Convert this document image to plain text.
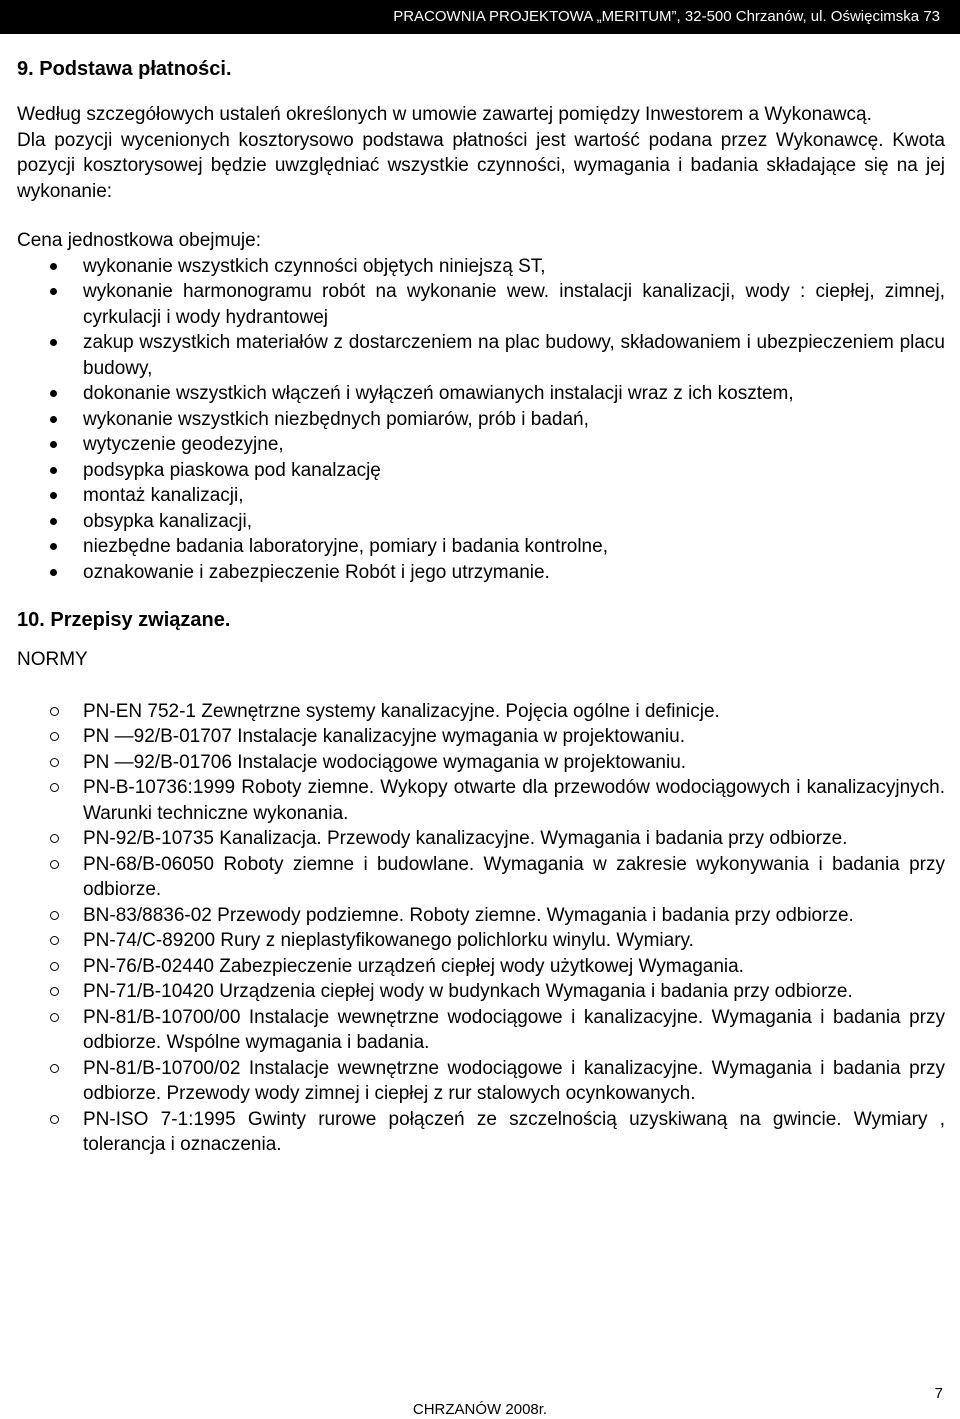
PRACOWNIA PROJEKTOWA „MERITUM”, 32-500 Chrzanów, ul. Oświęcimska 73
9. Podstawa płatności.

Według szczegółowych ustaleń określonych w umowie zawartej pomiędzy Inwestorem a Wykonawcą.

Dla pozycji wycenionych kosztorysowo podstawa płatności jest wartość podana przez Wykonawcę. Kwota pozycji kosztorysowej będzie uwzględniać wszystkie czynności, wymagania i badania składające się na jej wykonanie:

Cena jednostkowa obejmuje:

wykonanie wszystkich czynności objętych niniejszą ST,
wykonanie harmonogramu robót na wykonanie wew. instalacji kanalizacji, wody : ciepłej, zimnej, cyrkulacji i wody hydrantowej
zakup wszystkich materiałów z dostarczeniem na plac budowy, składowaniem i ubezpieczeniem placu budowy,
dokonanie wszystkich włączeń i wyłączeń omawianych instalacji wraz z ich kosztem,
wykonanie wszystkich niezbędnych pomiarów, prób i badań,
wytyczenie geodezyjne,
podsypka piaskowa pod kanalzację
montaż kanalizacji,
obsypka kanalizacji,
niezbędne badania laboratoryjne, pomiary i badania kontrolne,
oznakowanie i zabezpieczenie Robót i jego utrzymanie.
10. Przepisy związane.
NORMY
PN-EN 752-1 Zewnętrzne systemy kanalizacyjne. Pojęcia ogólne i definicje.
PN —92/B-01707 Instalacje kanalizacyjne wymagania w projektowaniu.
PN —92/B-01706 Instalacje wodociągowe wymagania w projektowaniu.
PN-B-10736:1999 Roboty ziemne. Wykopy otwarte dla przewodów wodociągowych i kanalizacyjnych. Warunki techniczne wykonania.
PN-92/B-10735 Kanalizacja. Przewody kanalizacyjne. Wymagania i badania przy odbiorze.
PN-68/B-06050 Roboty ziemne i budowlane. Wymagania w zakresie wykonywania i badania przy odbiorze.
BN-83/8836-02 Przewody podziemne. Roboty ziemne. Wymagania i badania przy odbiorze.
PN-74/C-89200 Rury z nieplastyfikowanego polichlorku winylu. Wymiary.
PN-76/B-02440 Zabezpieczenie urządzeń ciepłej wody użytkowej Wymagania.
PN-71/B-10420 Urządzenia ciepłej wody w budynkach Wymagania i badania przy odbiorze.
PN-81/B-10700/00 Instalacje wewnętrzne wodociągowe i kanalizacyjne. Wymagania i badania przy odbiorze. Wspólne wymagania i badania.
PN-81/B-10700/02 Instalacje wewnętrzne wodociągowe i kanalizacyjne. Wymagania i badania przy odbiorze. Przewody wody zimnej i ciepłej z rur stalowych ocynkowanych.
PN-ISO 7-1:1995 Gwinty rurowe połączeń ze szczelnością uzyskiwaną na gwincie. Wymiary , tolerancja i oznaczenia.
7
CHRZANÓW 2008r.
